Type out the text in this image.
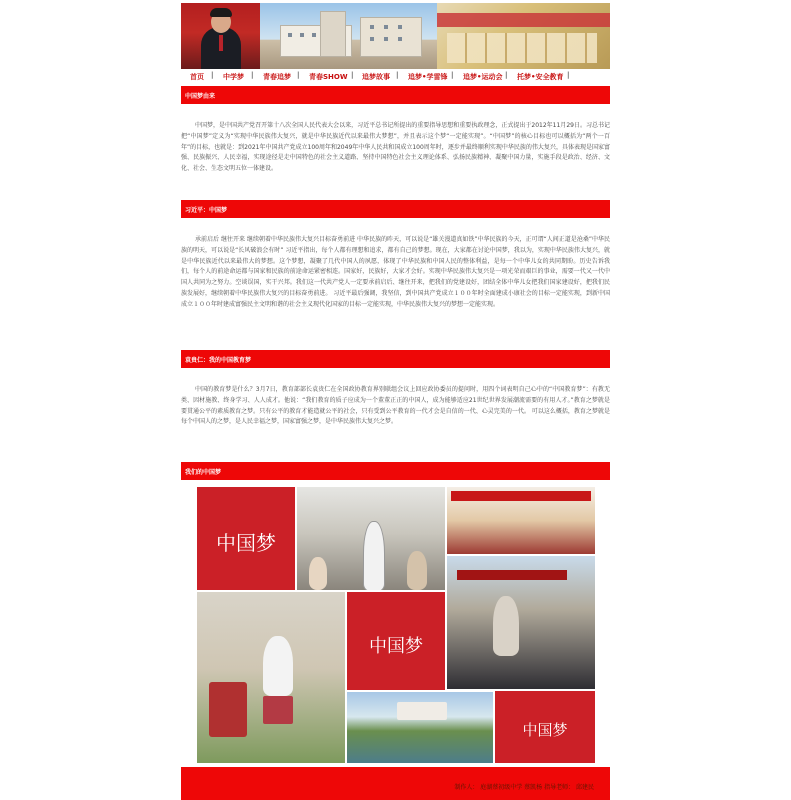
首页 | 中学梦 | 青春追梦 | 青春SHOW | 追梦故事 | 追梦•学雷锋 | 追梦•运动会 | 托梦•安全教育 |
中国梦由来
中国梦，是中国共产党召开第十八次全国人民代表大会以来，习近平总书记所提出的重要指导思想和重要执政理念，正式提出于2012年11月29日。习总书记把“中国梦”定义为“实现中华民族伟大复兴，就是中华民族近代以来最伟大梦想”，并且表示这个梦“一定能实现”。“中国梦”的核心目标也可以概括为“两个一百年”的目标，也就是：到2021年中国共产党成立100周年和2049年中华人民共和国成立100周年时，逐步并最终顺利实现中华民族的伟大复兴，具体表现是国家富强、民族振兴、人民幸福，实现途径是走中国特色的社会主义道路、坚持中国特色社会主义理论体系、弘扬民族精神、凝聚中国力量，实施手段是政治、经济、文化、社会、生态文明五位一体建设。
习近平：中国梦
承前启后 继往开来 继续朝着中华民族伟大复兴目标奋勇前进 中华民族的昨天，可以说是“雄关漫道真如铁”中华民族的今天，正可谓“人间正道是沧桑”中华民族的明天，可以说是“长风破浪会有时” 习近平指出，每个人都有理想和追求，都有自己的梦想。现在，大家都在讨论中国梦，我以为，实现中华民族伟大复兴，就是中华民族近代以来最伟大的梦想。这个梦想，凝聚了几代中国人的夙愿，体现了中华民族和中国人民的整体利益，是每一个中华儿女的共同期盼。历史告诉我们，每个人的前途命运都与国家和民族的前途命运紧密相连。国家好，民族好，大家才会好。实现中华民族伟大复兴是一项光荣而艰巨的事业，需要一代又一代中国人共同为之努力。空谈误国，实干兴邦。我们这一代共产党人一定要承前启后、继往开来，把我们的党建设好，团结全体中华儿女把我们国家建设好，把我们民族发展好，继续朝着中华民族伟大复兴的目标奋勇前进。 习近平最后强调，我坚信，到中国共产党成立１００年时全面建成小康社会的目标一定能实现，到新中国成立１００年时建成富强民主文明和谐的社会主义现代化国家的目标一定能实现，中华民族伟大复兴的梦想一定能实现。
袁贵仁：我的中国教育梦
中国的教育梦是什么？3月7日，教育部部长袁贵仁在全国政协教育界别联组会议上回应政协委员的提问时，用四个词表明自己心中的“中国教育梦”：有教无类、因材施教、终身学习、人人成才。他说：“我们教育的质子应成为一个董董正正的中国人，成为能够适应21世纪世界发展潮流需要的有用人才。”教育之梦就是要贯通公平的素质教育之梦。只有公平的教育才能造就公平的社会，只有受到公平教育的一代才会是自信的一代、心灵完美的一代。 可以这么概括，教育之梦就是每个中国人的之梦，是人民幸福之梦，国家富强之梦，是中华民族伟大复兴之梦。
我们的中国梦
中国梦
中国梦
中国梦
制作人： 庭湖蔡初级中学 蔡凯杨 指导老师： 邱建民
